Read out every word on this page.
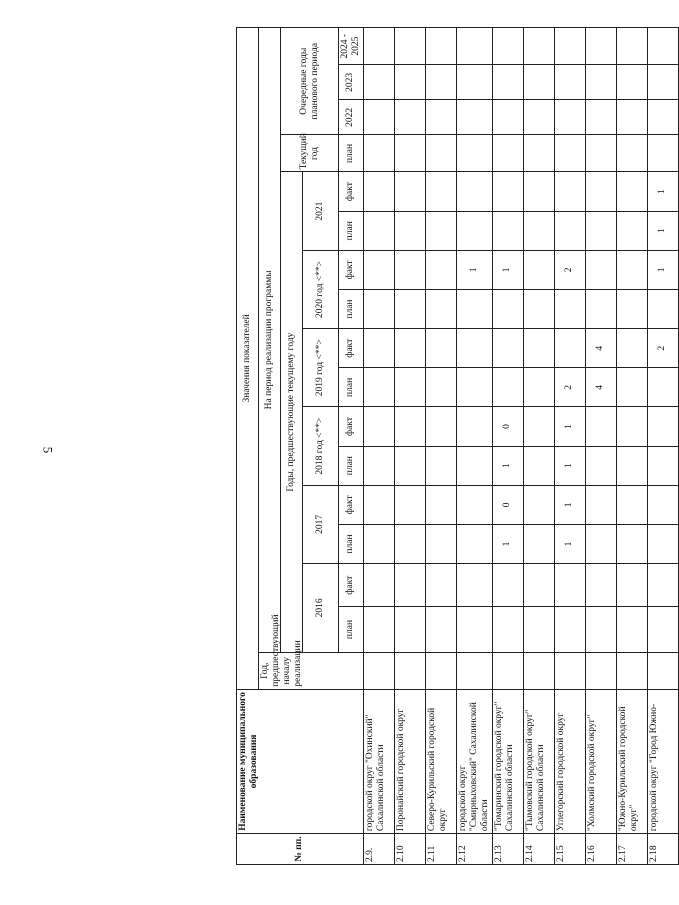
5
№ пп.	Наименование муниципального образования	Значения показателей																
		Год, предшествующий началу реализации	На период реализации программы															
			Годы, предшествующие текущему году												Текущий год	Очередные годы планового периода		
			2016		2017		2018 год <**>		2019 год <**>		2020 год <**>		2021					
			план	факт	план	факт	план	факт	план	факт	план	факт	план	факт	план	2022	2023	2024 - 2025
2.9.	городской округ "Охинский" Сахалинской области																	
2.10	Поронайский городской округ																	
2.11	Северо-Курильский городской округ																	
2.12	городской округ "Смирныховский" Сахалинской области											1						
2.13	"Томаринский городской округ" Сахалинской области				1	0	1	0				1						
2.14	"Тымовский городской округ" Сахалинской области																	
2.15	Углегорский городской округ				1	1	1	1	2			2						
2.16	"Холмский городской округ"								4	4								
2.17	"Южно-Курильский городской округ"																	
2.18	городской округ "Город Южно-									2		1	1	1				
